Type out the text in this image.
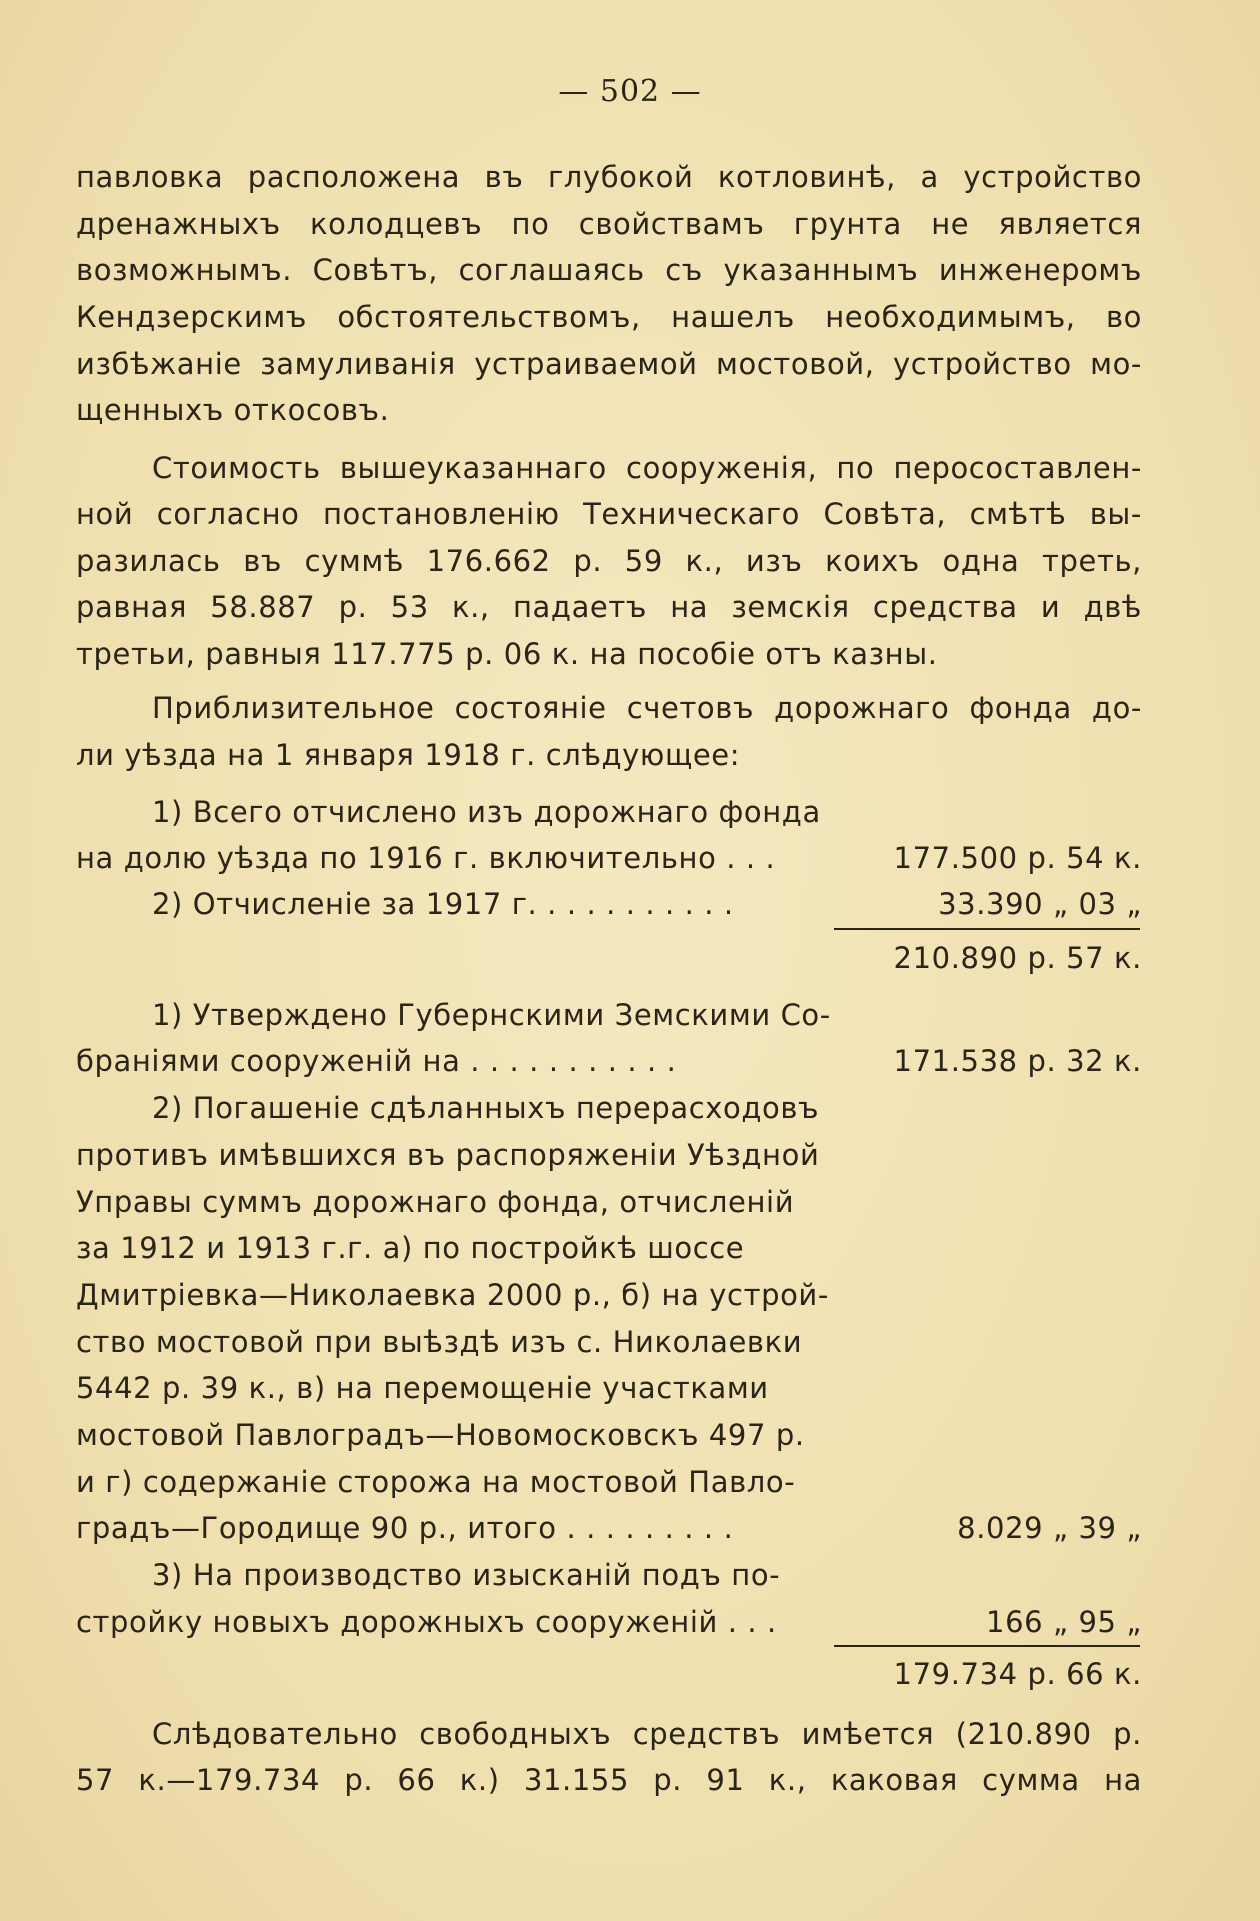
— 502 —
павловка расположена въ глубокой котловинѣ, а устройство
дренажныхъ колодцевъ по свойствамъ грунта не является
возможнымъ. Совѣтъ, соглашаясь съ указаннымъ инженеромъ
Кендзерскимъ обстоятельствомъ, нашелъ необходимымъ, во
избѣжаніе замуливанія устраиваемой мостовой, устройство мо-
щенныхъ откосовъ.
Стоимость вышеуказаннаго сооруженія, по перосоставлен-
ной согласно постановленію Техническаго Совѣта, смѣтѣ вы-
разилась въ суммѣ 176.662 р. 59 к., изъ коихъ одна треть,
равная 58.887 р. 53 к., падаетъ на земскія средства и двѣ
третьи, равныя 117.775 р. 06 к. на пособіе отъ казны.
Приблизительное состояніе счетовъ дорожнаго фонда до-
ли уѣзда на 1 января 1918 г. слѣдующее:
1) Всего отчислено изъ дорожнаго фонда
на долю уѣзда по 1916 г. включительно . . .	177.500 р. 54 к.
2) Отчисленіе за 1917 г. . . . . . . . . . .	33.390 „ 03 „
210.890 р. 57 к.
1) Утверждено Губернскими Земскими Со-
браніями сооруженій на . . . . . . . . . . .	171.538 р. 32 к.
2) Погашеніе сдѣланныхъ перерасходовъ
противъ имѣвшихся въ распоряженіи Уѣздной
Управы суммъ дорожнаго фонда, отчисленій
за 1912 и 1913 г.г. а) по постройкѣ шоссе
Дмитріевка—Николаевка 2000 р., б) на устрой-
ство мостовой при выѣздѣ изъ с. Николаевки
5442 р. 39 к., в) на перемощеніе участками
мостовой Павлоградъ—Новомосковскъ 497 р.
и г) содержаніе сторожа на мостовой Павло-
градъ—Городище 90 р., итого . . . . . . . . .	8.029 „ 39 „
3) На производство изысканій подъ по-
стройку новыхъ дорожныхъ сооруженій . . .	166 „ 95 „
179.734 р. 66 к.
Слѣдовательно свободныхъ средствъ имѣется (210.890 р.
57 к.—179.734 р. 66 к.) 31.155 р. 91 к., каковая сумма на
